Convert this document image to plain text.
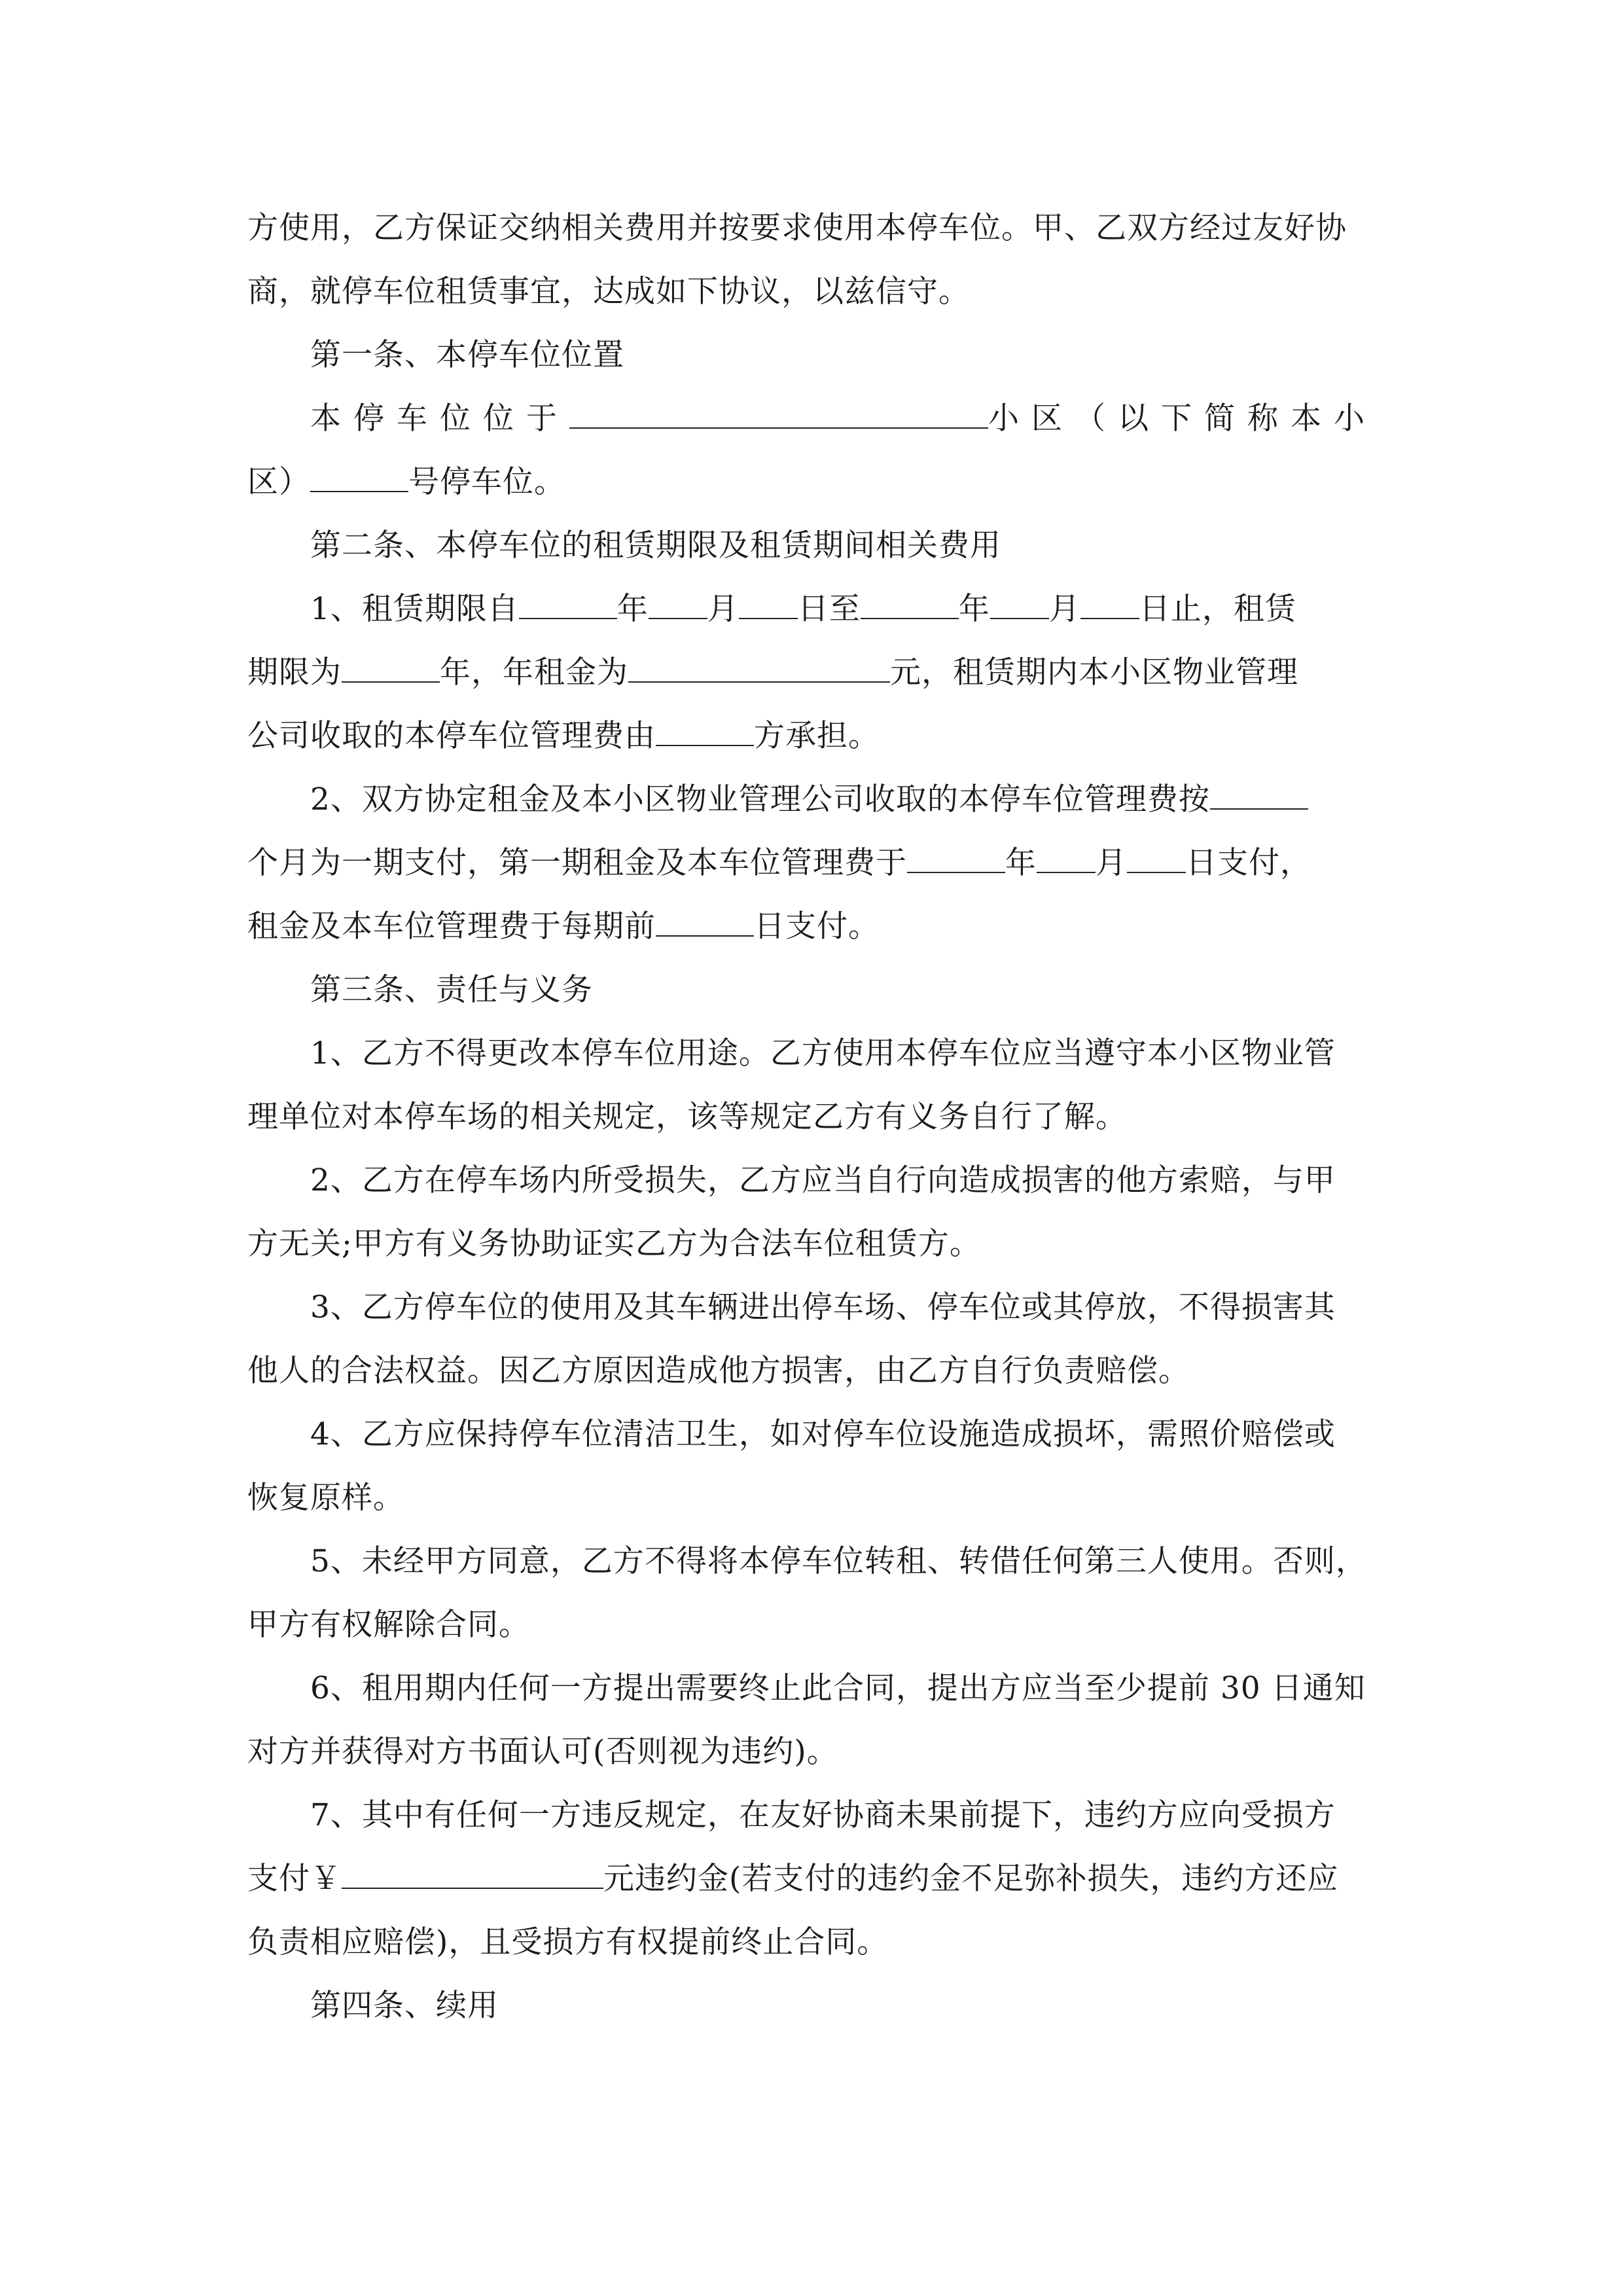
方使用，乙方保证交纳相关费用并按要求使用本停车位。甲、乙双方经过友好协
商，就停车位租赁事宜，达成如下协议，以兹信守。
第一条、本停车位位置
本停车位位于	小区（以下简称本小
区）	号停车位。
第二条、本停车位的租赁期限及租赁期间相关费用
1、租赁期限自	年 月 日至	年 月 日止，租赁
期限为	年，年租金为	元，租赁期内本小区物业管理
公司收取的本停车位管理费由	方承担。
2、双方协定租金及本小区物业管理公司收取的本停车位管理费按
个月为一期支付，第一期租金及本车位管理费于	年 月 日支付，
租金及本车位管理费于每期前	日支付。
第三条、责任与义务
1、乙方不得更改本停车位用途。乙方使用本停车位应当遵守本小区物业管
理单位对本停车场的相关规定，该等规定乙方有义务自行了解。
2、乙方在停车场内所受损失，乙方应当自行向造成损害的他方索赔，与甲
方无关;甲方有义务协助证实乙方为合法车位租赁方。
3、乙方停车位的使用及其车辆进出停车场、停车位或其停放，不得损害其
他人的合法权益。因乙方原因造成他方损害，由乙方自行负责赔偿。
4、乙方应保持停车位清洁卫生，如对停车位设施造成损坏，需照价赔偿或
恢复原样。
5、未经甲方同意，乙方不得将本停车位转租、转借任何第三人使用。否则，
甲方有权解除合同。
6、租用期内任何一方提出需要终止此合同，提出方应当至少提前 30 日通知
对方并获得对方书面认可(否则视为违约)。
7、其中有任何一方违反规定，在友好协商未果前提下，违约方应向受损方
支付￥	元违约金(若支付的违约金不足弥补损失，违约方还应
负责相应赔偿)，且受损方有权提前终止合同。
第四条、续用
